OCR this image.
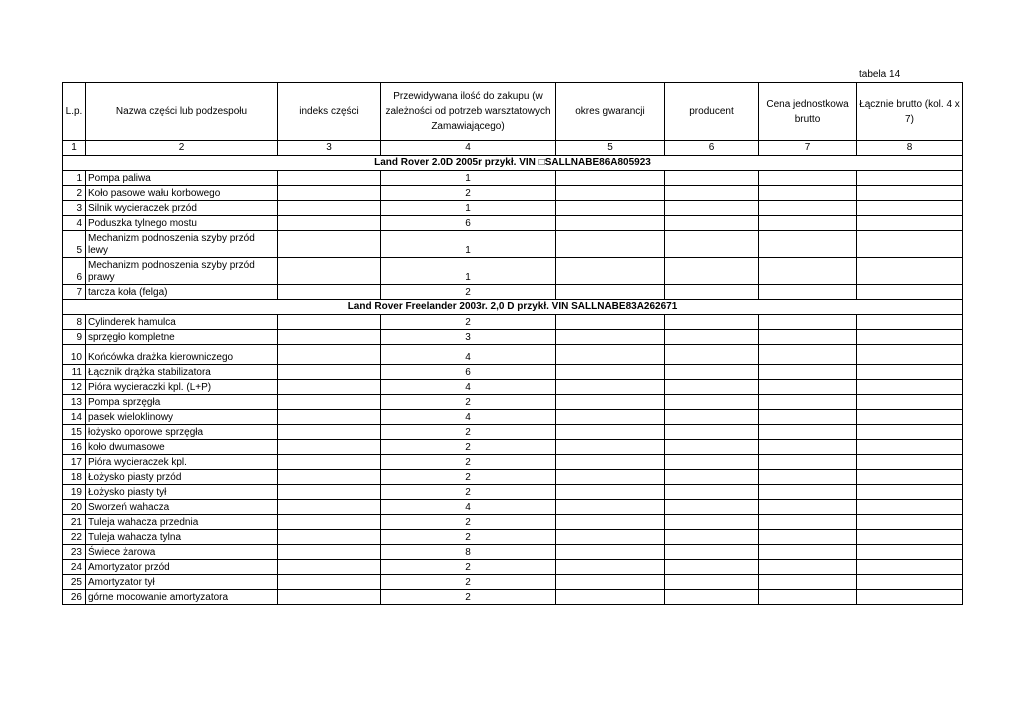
tabela 14
L.p.	Nazwa części lub podzespołu	indeks części	Przewidywana ilość do zakupu (w zależności od potrzeb warsztatowych Zamawiającego)	okres gwarancji	producent	Cena jednostkowa brutto	Łącznie brutto (kol. 4 x 7)
1	2	3	4	5	6	7	8
Land Rover 2.0D 2005r przykł. VIN □SALLNABE86A805923							
1	Pompa paliwa		1				
2	Koło pasowe wału korbowego		2				
3	Silnik wycieraczek przód		1				
4	Poduszka tylnego mostu		6				
5	Mechanizm podnoszenia szyby przód lewy		1				
6	Mechanizm podnoszenia szyby przód prawy		1				
7	tarcza koła (felga)		2				
Land Rover Freelander 2003r. 2,0 D przykł. VIN SALLNABE83A262671							
8	Cylinderek hamulca		2				
9	sprzęgło kompletne		3				
10	Końcówka drażka kierowniczego		4				
11	Łącznik drążka stabilizatora		6				
12	Pióra wycieraczki kpl. (L+P)		4				
13	Pompa sprzęgła		2				
14	pasek wieloklinowy		4				
15	łożysko oporowe sprzęgła		2				
16	koło dwumasowe		2				
17	Pióra wycieraczek kpl.		2				
18	Łożysko piasty przód		2				
19	Łożysko piasty tył		2				
20	Sworzeń wahacza		4				
21	Tuleja wahacza przednia		2				
22	Tuleja wahacza tylna		2				
23	Świece żarowa		8				
24	Amortyzator przód		2				
25	Amortyzator tył		2				
26	górne mocowanie amortyzatora		2				
